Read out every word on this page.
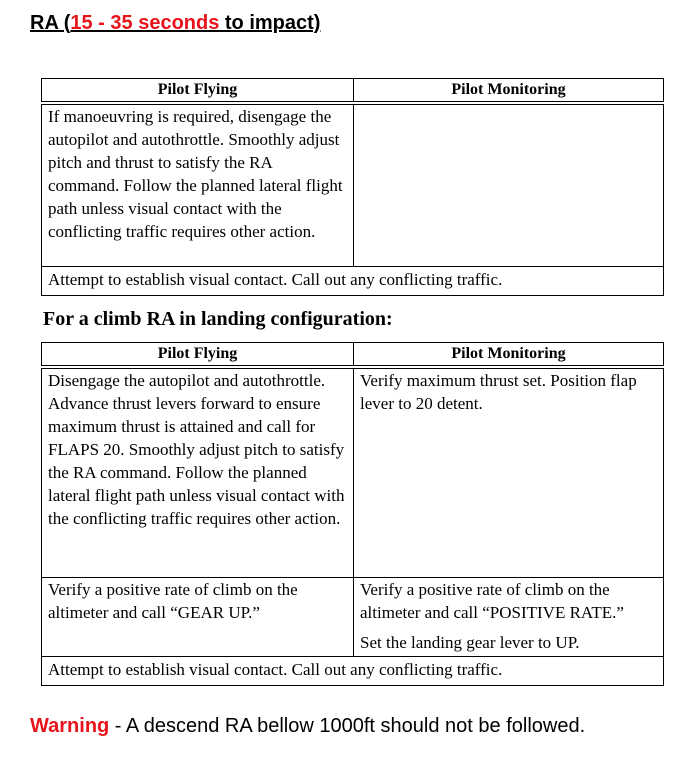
RA (15 - 35 seconds to impact)
Pilot Flying	Pilot Monitoring
If manoeuvring is required, disengage the autopilot and autothrottle. Smoothly adjust pitch and thrust to satisfy the RA command. Follow the planned lateral flight path unless visual contact with the conflicting traffic requires other action.	
Attempt to establish visual contact. Call out any conflicting traffic.	
For a climb RA in landing configuration:
Pilot Flying	Pilot Monitoring
Disengage the autopilot and autothrottle. Advance thrust levers forward to ensure maximum thrust is attained and call for FLAPS 20. Smoothly adjust pitch to satisfy the RA command. Follow the planned lateral flight path unless visual contact with the conflicting traffic requires other action.	Verify maximum thrust set. Position flap lever to 20 detent.
Verify a positive rate of climb on the altimeter and call “GEAR UP.”	Verify a positive rate of climb on the altimeter and call “POSITIVE RATE.”
	Set the landing gear lever to UP.
Attempt to establish visual contact. Call out any conflicting traffic.	
Warning - A descend RA bellow 1000ft should not be followed.
